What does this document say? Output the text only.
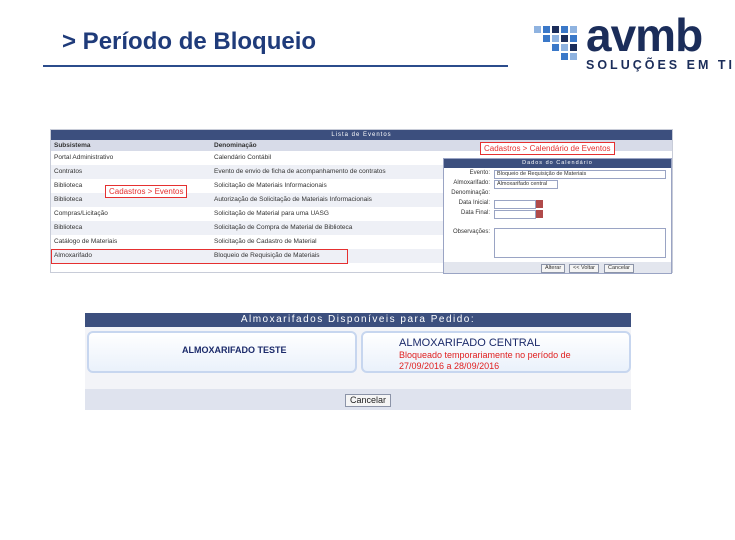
> Período de Bloqueio	avmb
SOLUÇÕES EM TI
Lista de Eventos
Subsistema	Denominação
Portal Administrativo	Calendário Contábil
Contratos	Evento de envio de ficha de acompanhamento de contratos
Biblioteca	Solicitação de Materiais Informacionais
Biblioteca	Autorização de Solicitação de Materiais Informacionais
Compras/Licitação	Solicitação de Material para uma UASG
Biblioteca	Solicitação de Compra de Material de Biblioteca
Catálogo de Materiais	Solicitação de Cadastro de Material
Almoxarifado	Bloqueio de Requisição de Materiais
Cadastros > Eventos
Cadastros > Calendário de Eventos
Dados do Calendário
Evento:	Bloqueio de Requisição de Materiais
Almoxarifado:	Almoxarifado central
Denominação:
Data Inicial:
Data Final:
Observações:
Alterar	<< Voltar	Cancelar
Almoxarifados Disponíveis para Pedido:
ALMOXARIFADO TESTE
ALMOXARIFADO CENTRAL
Bloqueado temporariamente no período de 27/09/2016 a 28/09/2016
Cancelar
